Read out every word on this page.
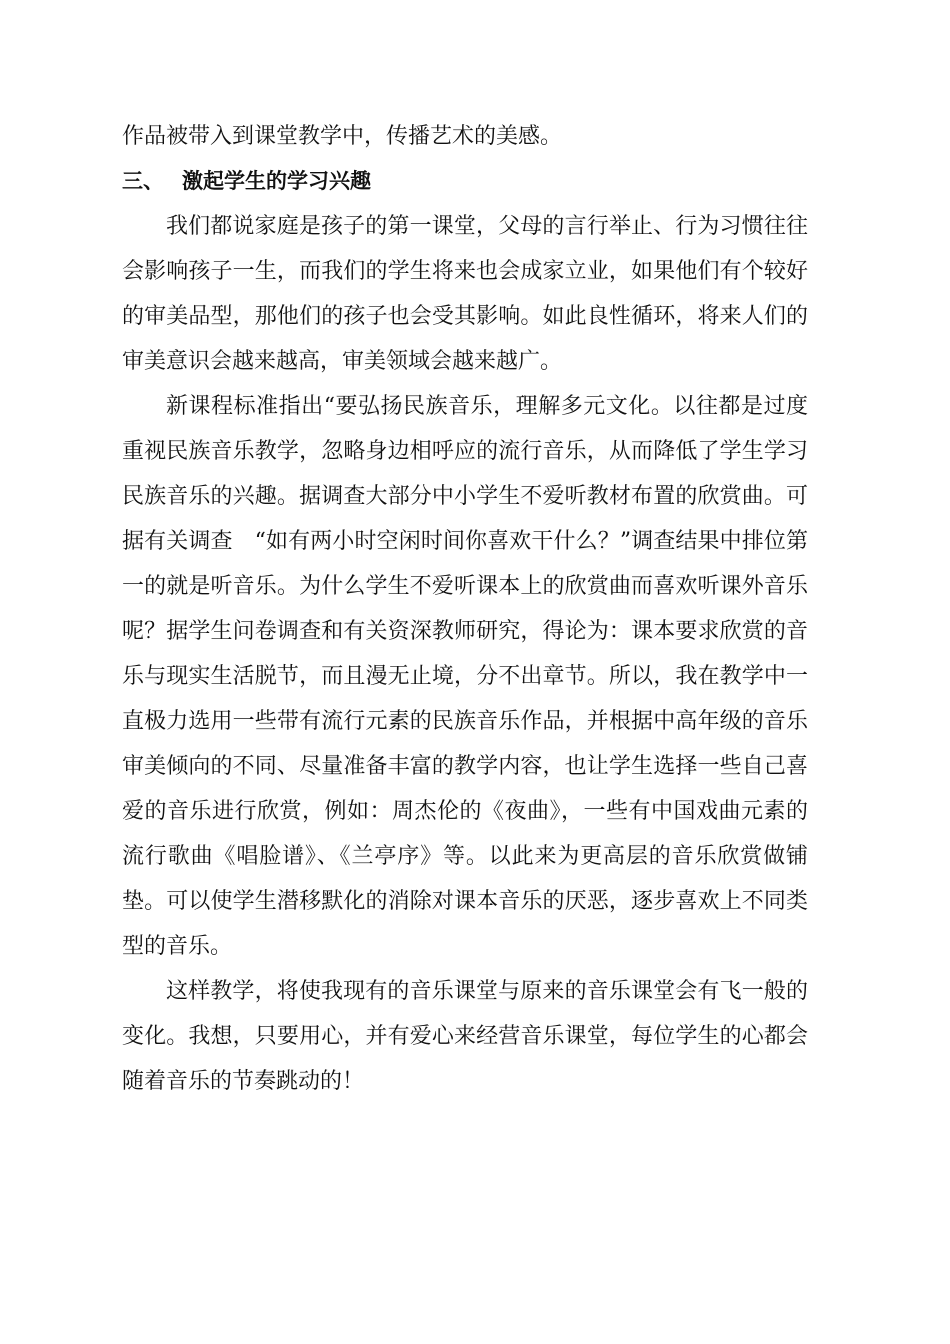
作品被带入到课堂教学中，传播艺术的美感。

三、 激起学生的学习兴趣

我们都说家庭是孩子的第一课堂，父母的言行举止、行为习惯往往会影响孩子一生，而我们的学生将来也会成家立业，如果他们有个较好的审美品型，那他们的孩子也会受其影响。如此良性循环，将来人们的审美意识会越来越高，审美领域会越来越广。

新课程标准指出“要弘扬民族音乐，理解多元文化。以往都是过度重视民族音乐教学，忽略身边相呼应的流行音乐，从而降低了学生学习民族音乐的兴趣。据调查大部分中小学生不爱听教材布置的欣赏曲。可据有关调查　“如有两小时空闲时间你喜欢干什么？”调查结果中排位第一的就是听音乐。为什么学生不爱听课本上的欣赏曲而喜欢听课外音乐呢？据学生问卷调查和有关资深教师研究，得论为：课本要求欣赏的音乐与现实生活脱节，而且漫无止境，分不出章节。所以，我在教学中一直极力选用一些带有流行元素的民族音乐作品，并根据中高年级的音乐审美倾向的不同、尽量准备丰富的教学内容，也让学生选择一些自己喜爱的音乐进行欣赏，例如：周杰伦的《夜曲》，一些有中国戏曲元素的流行歌曲《唱脸谱》、《兰亭序》等。以此来为更高层的音乐欣赏做铺垫。可以使学生潜移默化的消除对课本音乐的厌恶，逐步喜欢上不同类型的音乐。

这样教学，将使我现有的音乐课堂与原来的音乐课堂会有飞一般的变化。我想，只要用心，并有爱心来经营音乐课堂，每位学生的心都会随着音乐的节奏跳动的！
